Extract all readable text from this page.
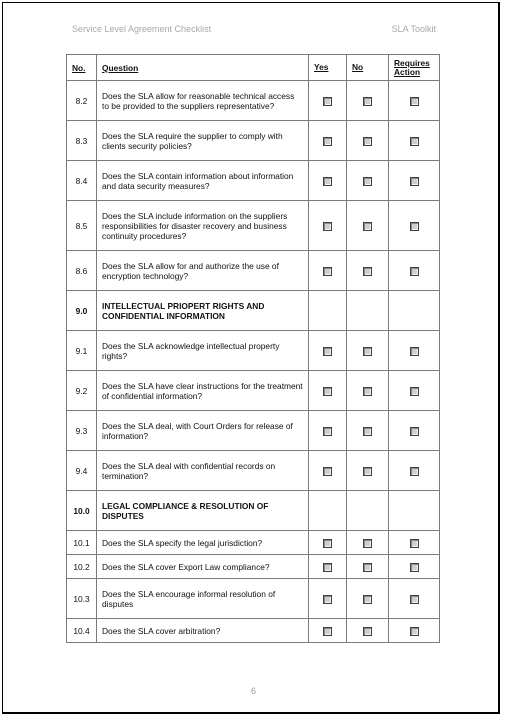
Service Level Agreement Checklist	SLA Toolkit
No.	Question	Yes	No	Requires
Action
8.2	Does the SLA allow for reasonable technical access to be provided to the suppliers representative?			

8.3	Does the SLA require the supplier to comply with clients security policies?			

8.4	Does the SLA contain information about information and data security measures?			

8.5	Does the SLA include information on the suppliers responsibilities for disaster recovery and business continuity procedures?			

8.6	Does the SLA allow for and authorize the use of encryption technology?			

9.0	INTELLECTUAL PRIOPERT RIGHTS AND CONFIDENTIAL INFORMATION			

9.1	Does the SLA acknowledge intellectual property rights?			

9.2	Does the SLA have clear instructions for the treatment of confidential information?			

9.3	Does the SLA deal, with Court Orders for release of information?			

9.4	Does the SLA deal with confidential records on termination?			

10.0	LEGAL COMPLIANCE & RESOLUTION OF DISPUTES			

10.1	Does the SLA specify the legal jurisdiction?			

10.2	Does the SLA cover Export Law compliance?			

10.3	Does the SLA encourage informal resolution of disputes			

10.4	Does the SLA cover arbitration?			

6
